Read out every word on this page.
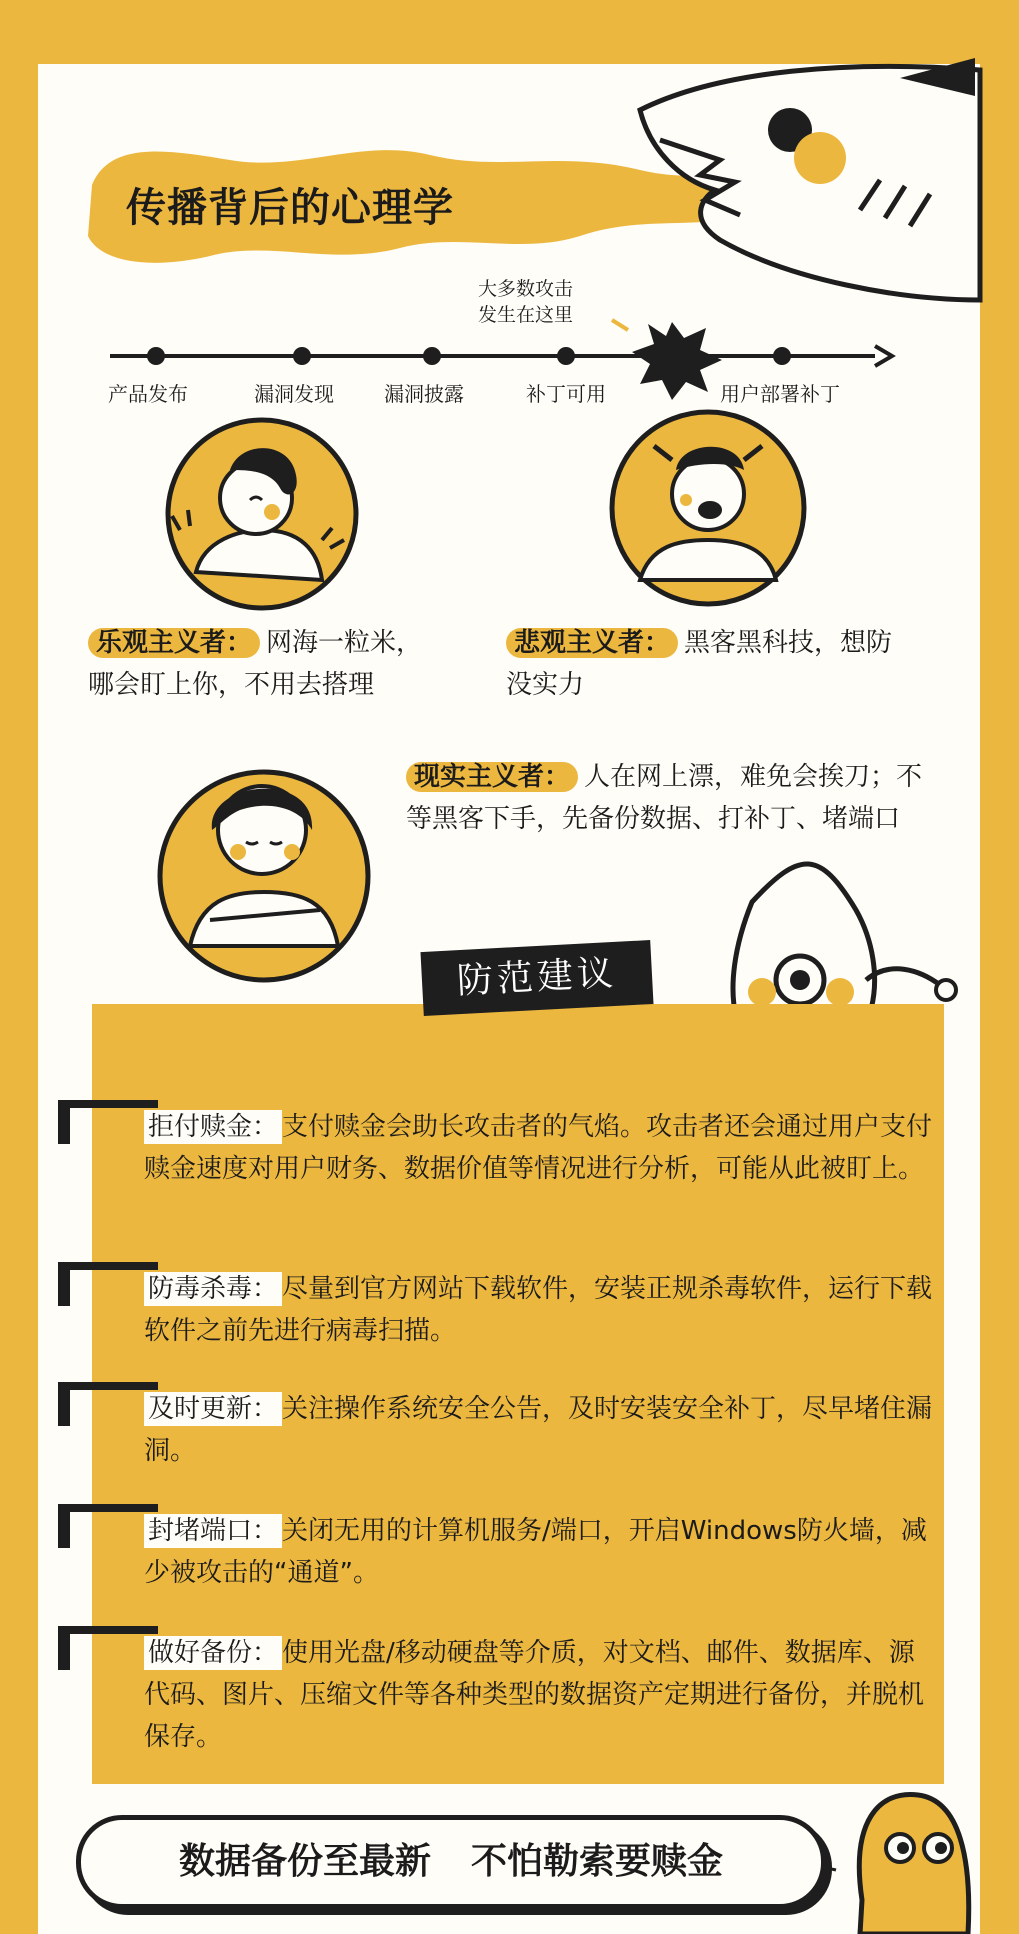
传播背后的心理学
大多数攻击
发生在这里
产品发布	漏洞发现	漏洞披露	补丁可用	用户部署补丁
乐观主义者： 网海一粒米，哪会盯上你，不用去搭理
悲观主义者： 黑客黑科技，想防没实力
现实主义者： 人在网上漂，难免会挨刀；不等黑客下手，先备份数据、打补丁、堵端口
防范建议
拒付赎金： 支付赎金会助长攻击者的气焰。攻击者还会通过用户支付赎金速度对用户财务、数据价值等情况进行分析，可能从此被盯上。
防毒杀毒： 尽量到官方网站下载软件，安装正规杀毒软件，运行下载软件之前先进行病毒扫描。
及时更新： 关注操作系统安全公告，及时安装安全补丁，尽早堵住漏洞。
封堵端口： 关闭无用的计算机服务/端口，开启Windows防火墙，减少被攻击的“通道”。
做好备份： 使用光盘/移动硬盘等介质，对文档、邮件、数据库、源代码、图片、压缩文件等各种类型的数据资产定期进行备份，并脱机保存。
数据备份至最新 不怕勒索要赎金
